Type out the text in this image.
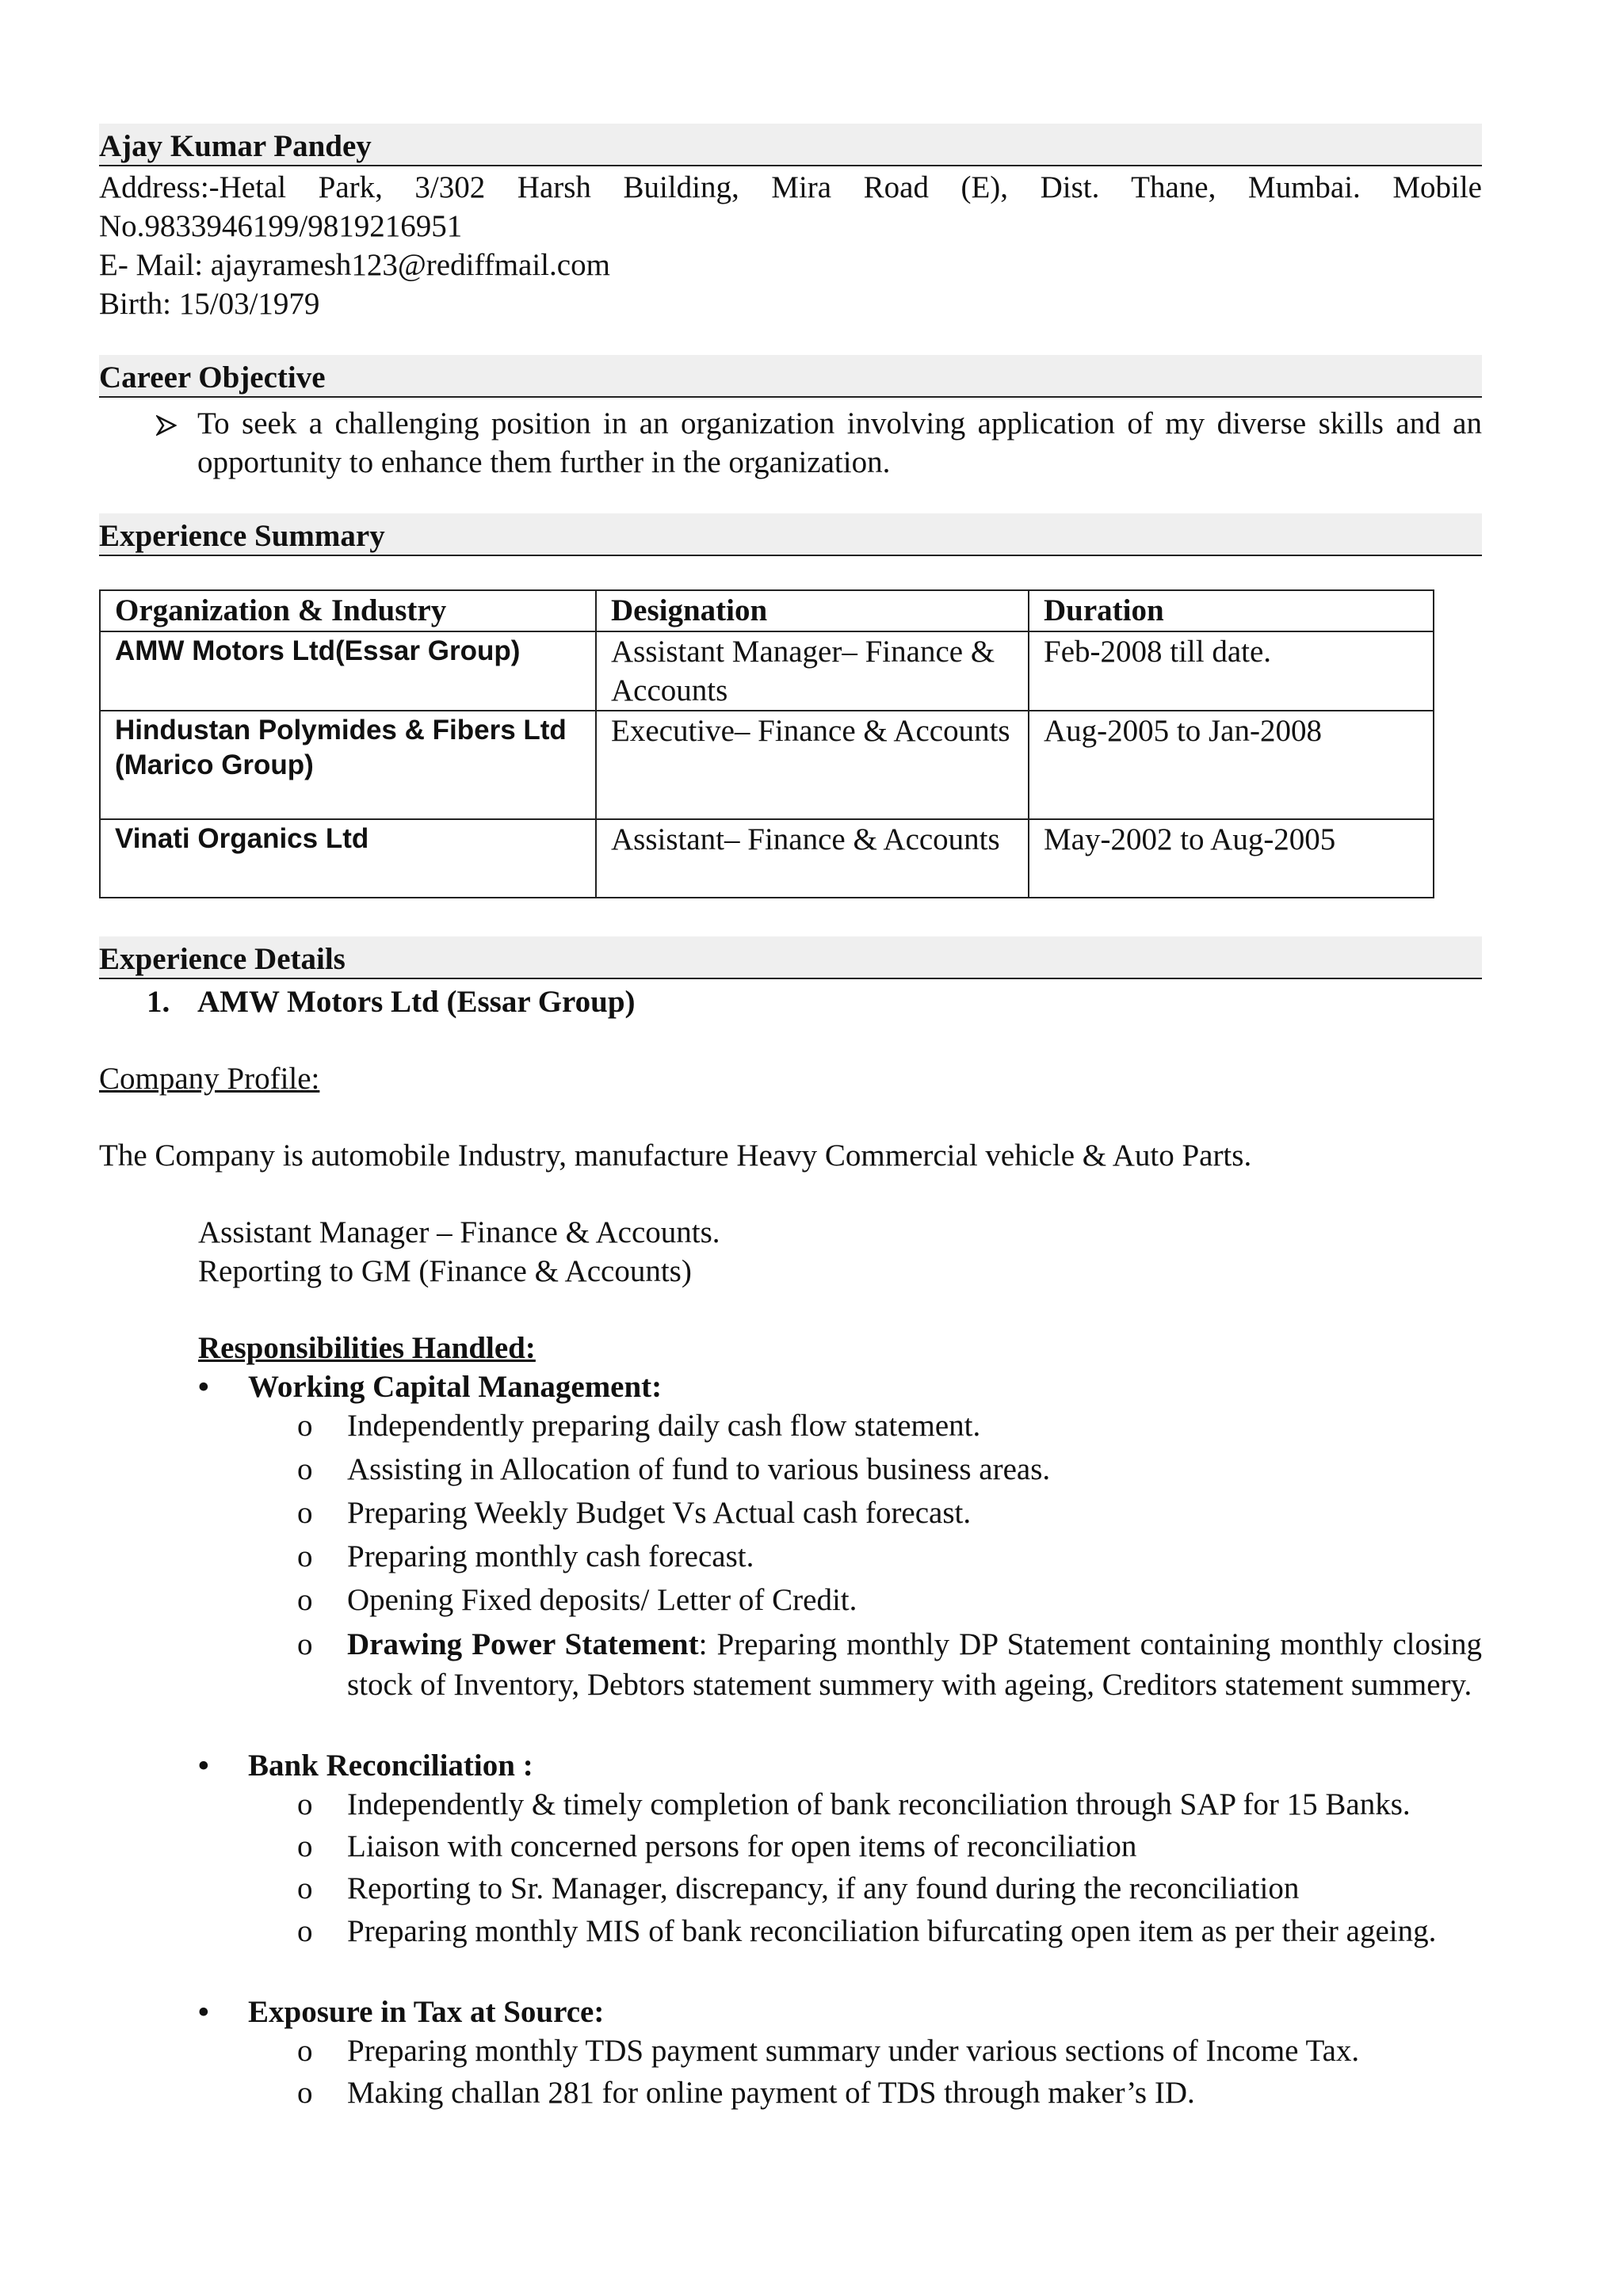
Ajay Kumar Pandey

Address:-Hetal Park, 3/302 Harsh Building, Mira Road (E), Dist. Thane, Mumbai. Mobile

No.9833946199/9819216951

E- Mail: ajayramesh123@rediffmail.com

Birth: 15/03/1979

Career Objective
To seek a challenging position in an organization involving application of my diverse skills and an opportunity to enhance them further in the organization.
Experience Summary
Organization & Industry	Designation	Duration
AMW Motors Ltd(Essar Group)	Assistant Manager– Finance & Accounts	Feb-2008 till date.
Hindustan Polymides & Fibers Ltd (Marico Group)	Executive– Finance & Accounts	Aug-2005 to Jan-2008
Vinati Organics Ltd	Assistant– Finance & Accounts	May-2002 to Aug-2005
Experience Details
1. AMW Motors Ltd (Essar Group)

Company Profile:

The Company is automobile Industry, manufacture Heavy Commercial vehicle & Auto Parts.

Assistant Manager – Finance & Accounts.

Reporting to GM (Finance & Accounts)

Responsibilities Handled:

•	Working Capital Management:
o	Independently preparing daily cash flow statement.
o	Assisting in Allocation of fund to various business areas.
o	Preparing Weekly Budget Vs Actual cash forecast.
o	Preparing monthly cash forecast.
o	Opening Fixed deposits/ Letter of Credit.
o	Drawing Power Statement: Preparing monthly DP Statement containing monthly closing stock of Inventory, Debtors statement summery with ageing, Creditors statement summery.
•	Bank Reconciliation :
o	Independently & timely completion of bank reconciliation through SAP for 15 Banks.
o	Liaison with concerned persons for open items of reconciliation
o	Reporting to Sr. Manager, discrepancy, if any found during the reconciliation
o	Preparing monthly MIS of bank reconciliation bifurcating open item as per their ageing.
•	Exposure in Tax at Source:
o	Preparing monthly TDS payment summary under various sections of Income Tax.
o	Making challan 281 for online payment of TDS through maker’s ID.
